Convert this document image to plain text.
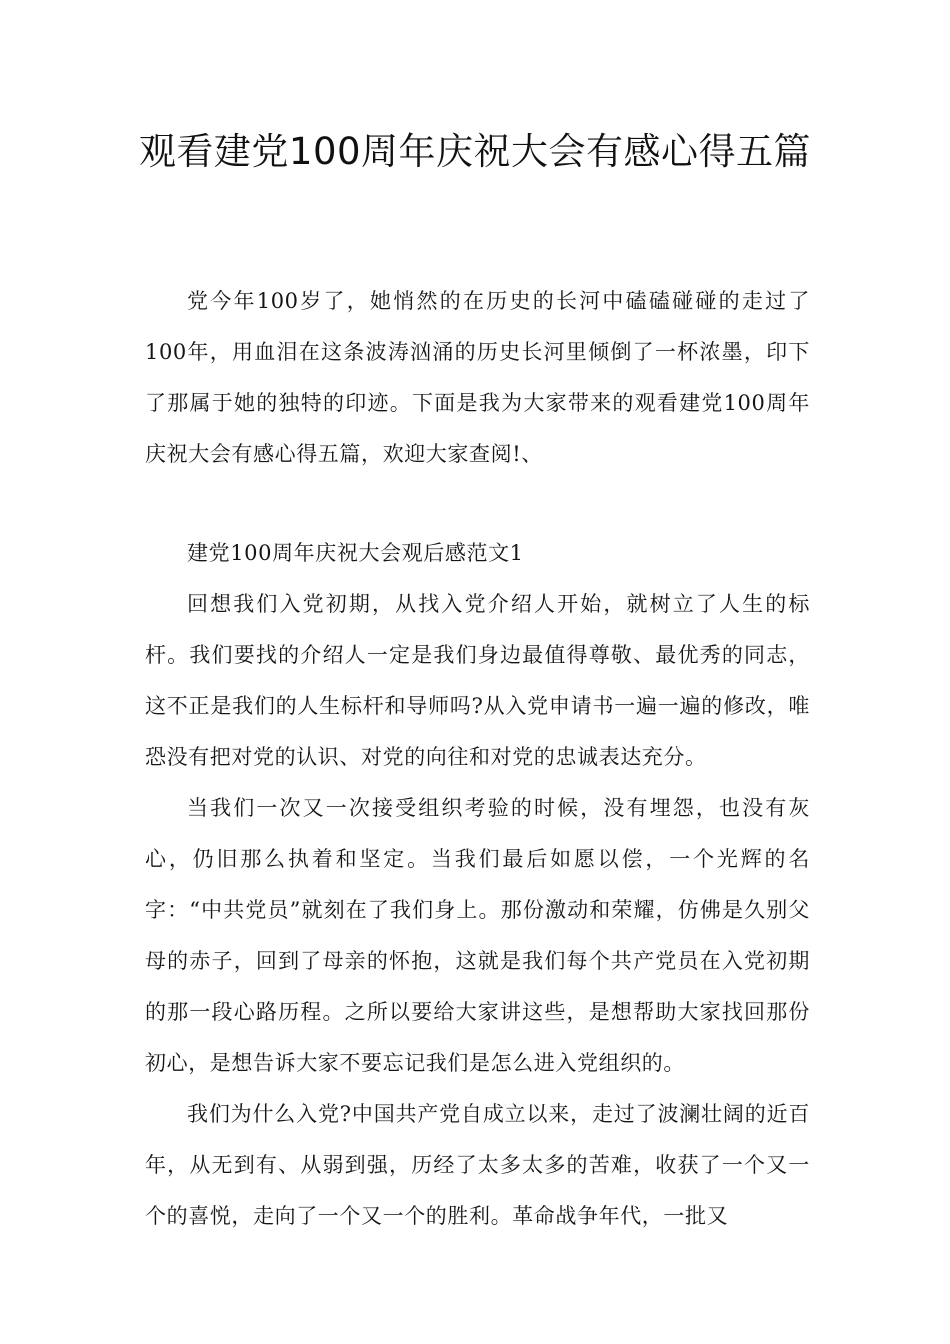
观看建党100周年庆祝大会有感心得五篇

党今年100岁了，她悄然的在历史的长河中磕磕碰碰的走过了100年，用血泪在这条波涛汹涌的历史长河里倾倒了一杯浓墨，印下了那属于她的独特的印迹。下面是我为大家带来的观看建党100周年庆祝大会有感心得五篇，欢迎大家查阅!、

建党100周年庆祝大会观后感范文1

回想我们入党初期，从找入党介绍人开始，就树立了人生的标杆。我们要找的介绍人一定是我们身边最值得尊敬、最优秀的同志，这不正是我们的人生标杆和导师吗?从入党申请书一遍一遍的修改，唯恐没有把对党的认识、对党的向往和对党的忠诚表达充分。

当我们一次又一次接受组织考验的时候，没有埋怨，也没有灰心，仍旧那么执着和坚定。当我们最后如愿以偿，一个光辉的名字：“中共党员”就刻在了我们身上。那份激动和荣耀，仿佛是久别父母的赤子，回到了母亲的怀抱，这就是我们每个共产党员在入党初期的那一段心路历程。之所以要给大家讲这些，是想帮助大家找回那份初心，是想告诉大家不要忘记我们是怎么进入党组织的。

我们为什么入党?中国共产党自成立以来，走过了波澜壮阔的近百年，从无到有、从弱到强，历经了太多太多的苦难，收获了一个又一个的喜悦，走向了一个又一个的胜利。革命战争年代，一批又
